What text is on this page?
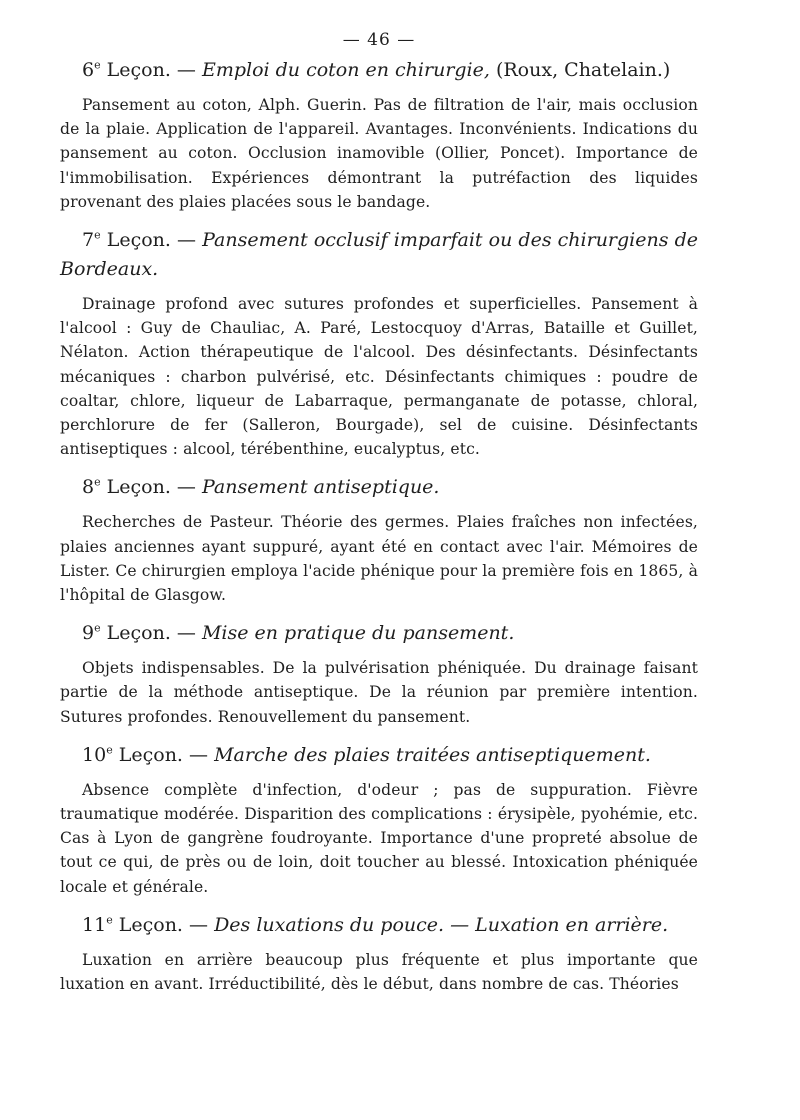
— 46 —

6e Leçon. — Emploi du coton en chirurgie, (Roux, Chatelain.)

Pansement au coton, Alph. Guerin. Pas de filtration de l'air, mais occlusion de la plaie. Application de l'appareil. Avantages. Inconvénients. Indications du pansement au coton. Occlusion inamovible (Ollier, Poncet). Importance de l'immobilisation. Expériences démontrant la putréfaction des liquides provenant des plaies placées sous le bandage.

7e Leçon. — Pansement occlusif imparfait ou des chirurgiens de Bordeaux.

Drainage profond avec sutures profondes et superficielles. Pansement à l'alcool : Guy de Chauliac, A. Paré, Lestocquoy d'Arras, Bataille et Guillet, Nélaton. Action thérapeutique de l'alcool. Des désinfectants. Désinfectants mécaniques : charbon pulvérisé, etc. Désinfectants chimiques : poudre de coaltar, chlore, liqueur de Labarraque, permanganate de potasse, chloral, perchlorure de fer (Salleron, Bourgade), sel de cuisine. Désinfectants antiseptiques : alcool, térébenthine, eucalyptus, etc.

8e Leçon. — Pansement antiseptique.

Recherches de Pasteur. Théorie des germes. Plaies fraîches non infectées, plaies anciennes ayant suppuré, ayant été en contact avec l'air. Mémoires de Lister. Ce chirurgien employa l'acide phénique pour la première fois en 1865, à l'hôpital de Glasgow.

9e Leçon. — Mise en pratique du pansement.

Objets indispensables. De la pulvérisation phéniquée. Du drainage faisant partie de la méthode antiseptique. De la réunion par première intention. Sutures profondes. Renouvellement du pansement.

10e Leçon. — Marche des plaies traitées antiseptiquement.

Absence complète d'infection, d'odeur ; pas de suppuration. Fièvre traumatique modérée. Disparition des complications : érysipèle, pyohémie, etc. Cas à Lyon de gangrène foudroyante. Importance d'une propreté absolue de tout ce qui, de près ou de loin, doit toucher au blessé. Intoxication phéniquée locale et générale.

11e Leçon. — Des luxations du pouce. — Luxation en arrière.

Luxation en arrière beaucoup plus fréquente et plus importante que luxation en avant. Irréductibilité, dès le début, dans nombre de cas. Théories
